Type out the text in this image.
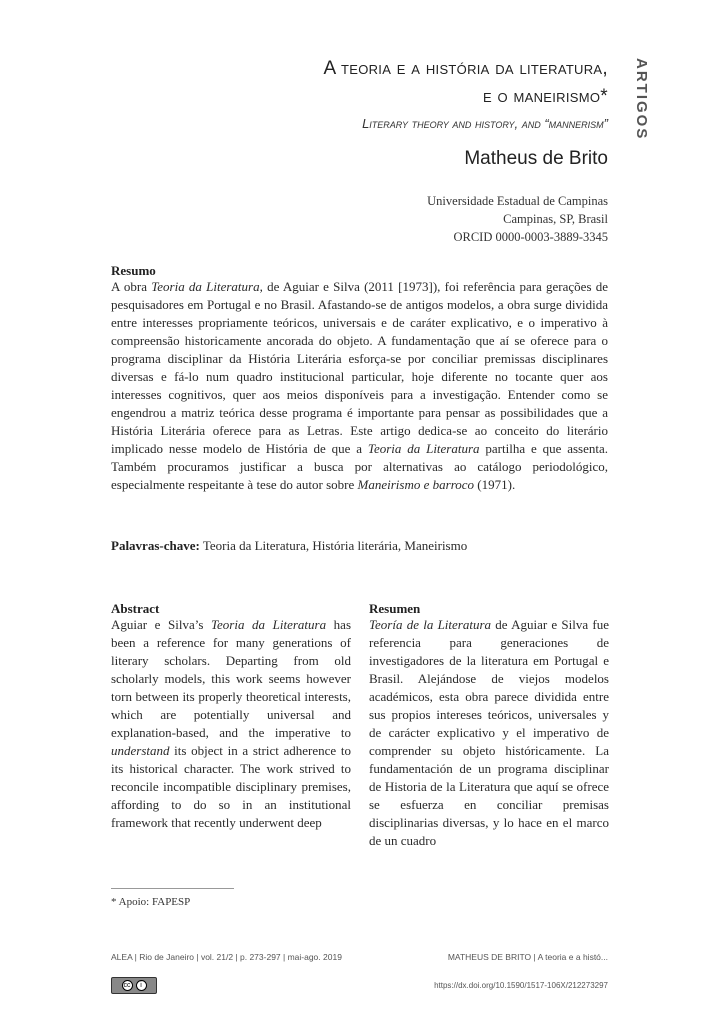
ARTIGOS
A teoria e a história da literatura,
e o maneirismo*
Literary theory and history, and “mannerism”
Matheus de Brito
Universidade Estadual de Campinas
Campinas, SP, Brasil
ORCID 0000-0003-3889-3345
Resumo
A obra Teoria da Literatura, de Aguiar e Silva (2011 [1973]), foi referência para gerações de pesquisadores em Portugal e no Brasil. Afastando-se de antigos modelos, a obra surge dividida entre interesses propriamente teóricos, universais e de caráter explicativo, e o imperativo à compreensão historicamente ancorada do objeto. A fundamentação que aí se oferece para o programa disciplinar da História Literária esforça-se por conciliar premissas disciplinares diversas e fá-lo num quadro institucional particular, hoje diferente no tocante quer aos interesses cognitivos, quer aos meios disponíveis para a investigação. Entender como se engendrou a matriz teórica desse programa é importante para pensar as possibilidades que a História Literária oferece para as Letras. Este artigo dedica-se ao conceito do literário implicado nesse modelo de História de que a Teoria da Literatura partilha e que assenta. Também procuramos justificar a busca por alternativas ao catálogo periodológico, especialmente respeitante à tese do autor sobre Maneirismo e barroco (1971).
Palavras-chave: Teoria da Literatura, História literária, Maneirismo
Abstract
Aguiar e Silva’s Teoria da Literatura has been a reference for many generations of literary scholars. Departing from old scholarly models, this work seems however torn between its properly theoretical interests, which are potentially universal and explanation-based, and the imperative to understand its object in a strict adherence to its historical character. The work strived to reconcile incompatible disciplinary premises, affording to do so in an institutional framework that recently underwent deep
Resumen
Teoría de la Literatura de Aguiar e Silva fue referencia para generaciones de investigadores de la literatura em Portugal e Brasil. Alejándose de viejos modelos académicos, esta obra parece dividida entre sus propios intereses teóricos, universales y de carácter explicativo y el imperativo de comprender su objeto históricamente. La fundamentación de un programa disciplinar de Historia de la Literatura que aquí se ofrece se esfuerza en conciliar premisas disciplinarias diversas, y lo hace en el marco de un cuadro
* Apoio: FAPESP
ALEA | Rio de Janeiro | vol. 21/2 | p. 273-297 | mai-ago. 2019	MATHEUS DE BRITO | A teoria e a histó...
cc	i	https://dx.doi.org/10.1590/1517-106X/212273297
